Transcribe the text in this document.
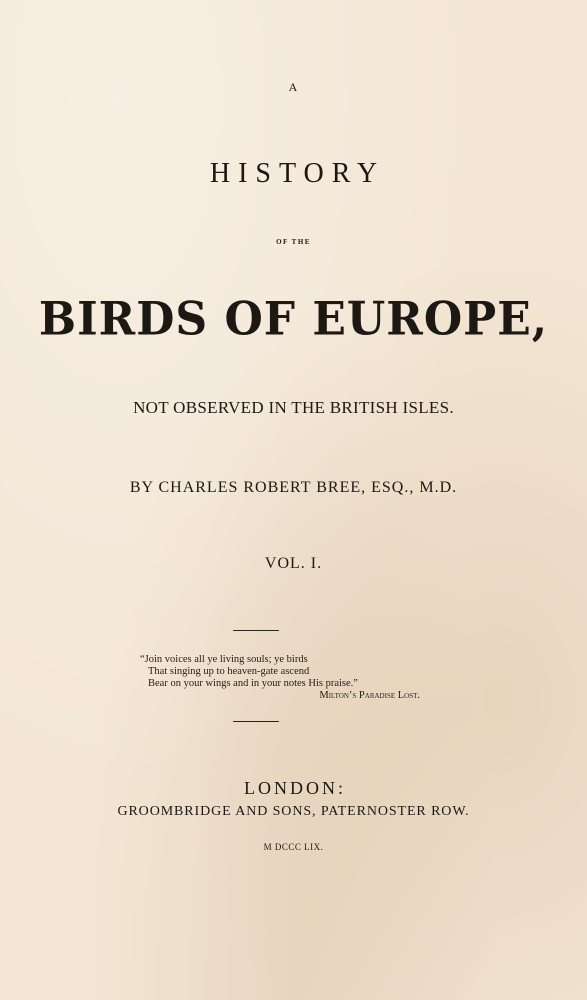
A
HISTORY
OF THE
BIRDS OF EUROPE,
NOT OBSERVED IN THE BRITISH ISLES.
BY CHARLES ROBERT BREE, ESQ., M.D.
VOL. I.
“Join voices all ye living souls; ye birds
That singing up to heaven-gate ascend
Bear on your wings and in your notes His praise.”
Milton’s Paradise Lost.
LONDON:
GROOMBRIDGE AND SONS, PATERNOSTER ROW.
M DCCC LIX.
